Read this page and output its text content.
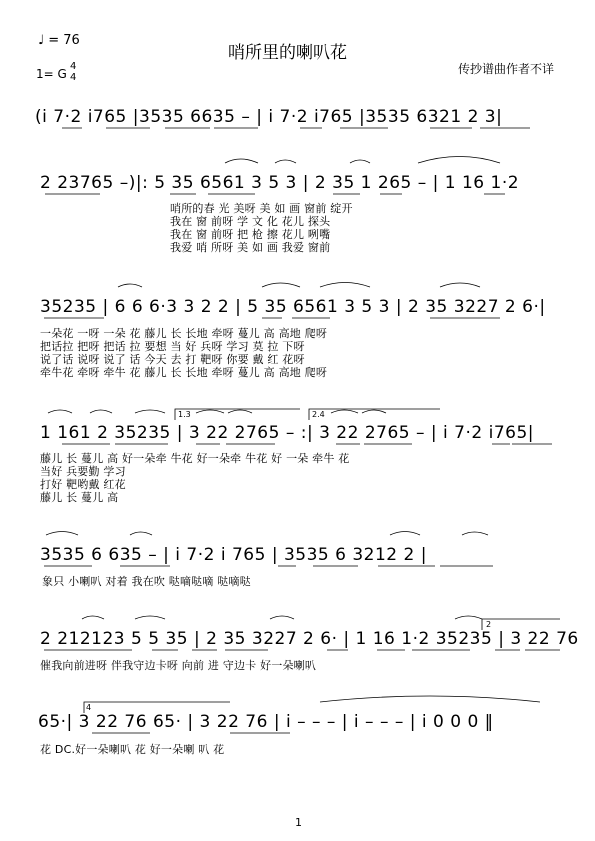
♩ = 76
哨所里的喇叭花
1= G
4
4
传抄谱曲作者不详
(i 7·2 i765 |3535 6635 – | i 7·2 i765 |3535 6321 2 3|
2 23765 –)|: 5 35 6561 3 5 3 | 2 35 1 265 – | 1 16 1·2
哨所的春 光 美呀 美 如 画 窗前 绽开
我在 窗 前呀 学 文 化 花儿 探头
我在 窗 前呀 把 枪 擦 花儿 咧嘴
我爱 哨 所呀 美 如 画 我爱 窗前
35235 | 6 6 6·3 3 2 2 | 5 35 6561 3 5 3 | 2 35 3227 2 6·|
一朵花 一呀 一朵 花 藤儿 长 长地 牵呀 蔓儿 高 高地 爬呀
把话拉 把呀 把话 拉 要想 当 好 兵呀 学习 莫 拉 下呀
说了话 说呀 说了 话 今天 去 打 靶呀 你要 戴 红 花呀
牵牛花 牵呀 牵牛 花 藤儿 长 长地 牵呀 蔓儿 高 高地 爬呀
1.3	2.4
1 161 2 35235 | 3 22 2765 – :| 3 22 2765 – | i 7·2 i765|
藤儿 长 蔓儿 高 好一朵牵 牛花 好一朵牵 牛花 好 一朵 牵牛 花
当好 兵要勤 学习
打好 靶哟戴 红花
藤儿 长 蔓儿 高
3535 6 635 – | i 7·2 i 765 | 3535 6 3212 2 |
象只 小喇叭 对着 我在吹 哒嘀哒嘀 哒嘀哒
2
2 212123 5 5 35 | 2 35 3227 2 6· | 1 16 1·2 35235 | 3 22 76
催我向前进呀 伴我守边卡呀 向前 进 守边卡 好一朵喇叭
4
65·| 3 22 76 65· | 3 22 76 | i – – – | i – – – | i 0 0 0 ‖
花 DC.好一朵喇叭 花 好一朵喇 叭 花
1
